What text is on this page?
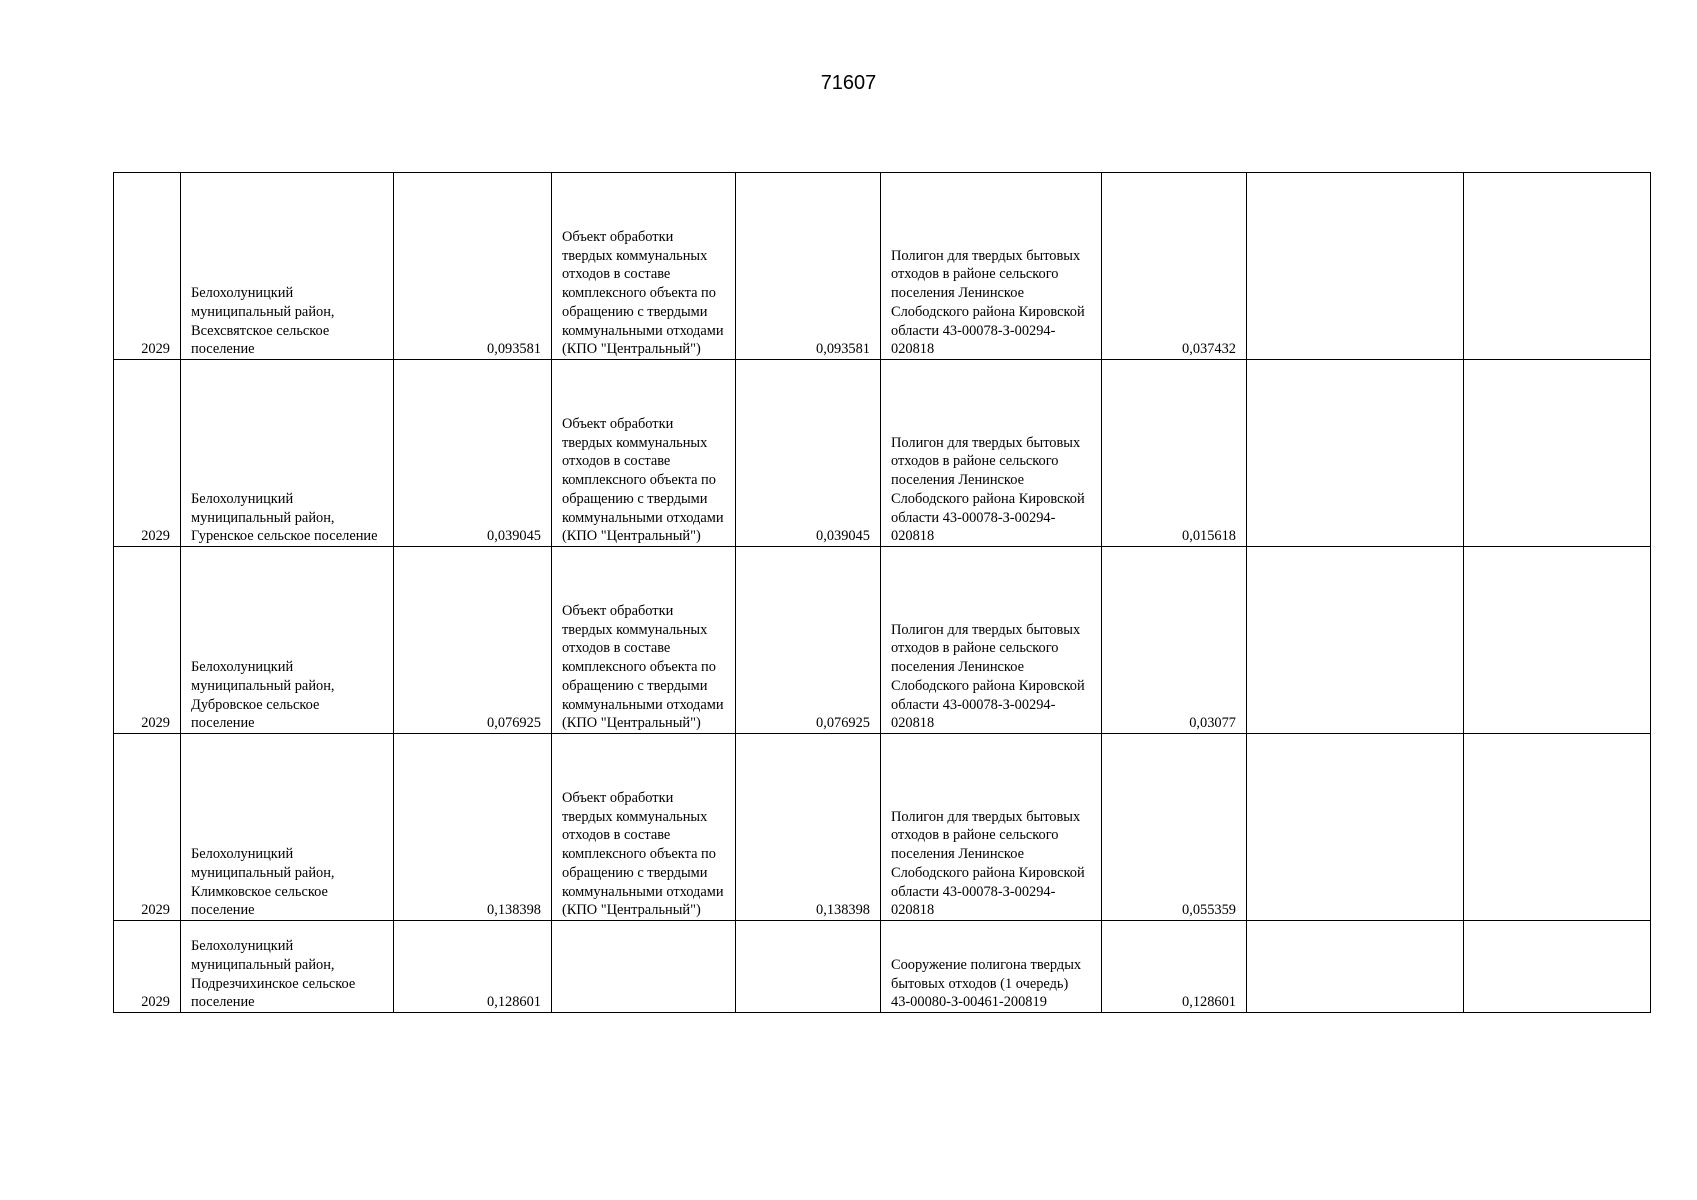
71607
2029	Белохолуницкий муниципальный район, Всехсвятское сельское поселение	0,093581	Объект обработки твердых коммунальных отходов в составе комплексного объекта по обращению с твердыми коммунальными отходами (КПО "Центральный")	0,093581	Полигон для твердых бытовых отходов в районе сельского поселения Ленинское Слободского района Кировской области 43-00078-З-00294-020818	0,037432		
2029	Белохолуницкий муниципальный район, Гуренское сельское поселение	0,039045	Объект обработки твердых коммунальных отходов в составе комплексного объекта по обращению с твердыми коммунальными отходами (КПО "Центральный")	0,039045	Полигон для твердых бытовых отходов в районе сельского поселения Ленинское Слободского района Кировской области 43-00078-З-00294-020818	0,015618		
2029	Белохолуницкий муниципальный район, Дубровское сельское поселение	0,076925	Объект обработки твердых коммунальных отходов в составе комплексного объекта по обращению с твердыми коммунальными отходами (КПО "Центральный")	0,076925	Полигон для твердых бытовых отходов в районе сельского поселения Ленинское Слободского района Кировской области 43-00078-З-00294-020818	0,03077		
2029	Белохолуницкий муниципальный район, Климковское сельское поселение	0,138398	Объект обработки твердых коммунальных отходов в составе комплексного объекта по обращению с твердыми коммунальными отходами (КПО "Центральный")	0,138398	Полигон для твердых бытовых отходов в районе сельского поселения Ленинское Слободского района Кировской области 43-00078-З-00294-020818	0,055359		
2029	Белохолуницкий муниципальный район, Подрезчихинское сельское поселение	0,128601			Сооружение полигона твердых бытовых отходов (1 очередь) 43-00080-З-00461-200819	0,128601		
